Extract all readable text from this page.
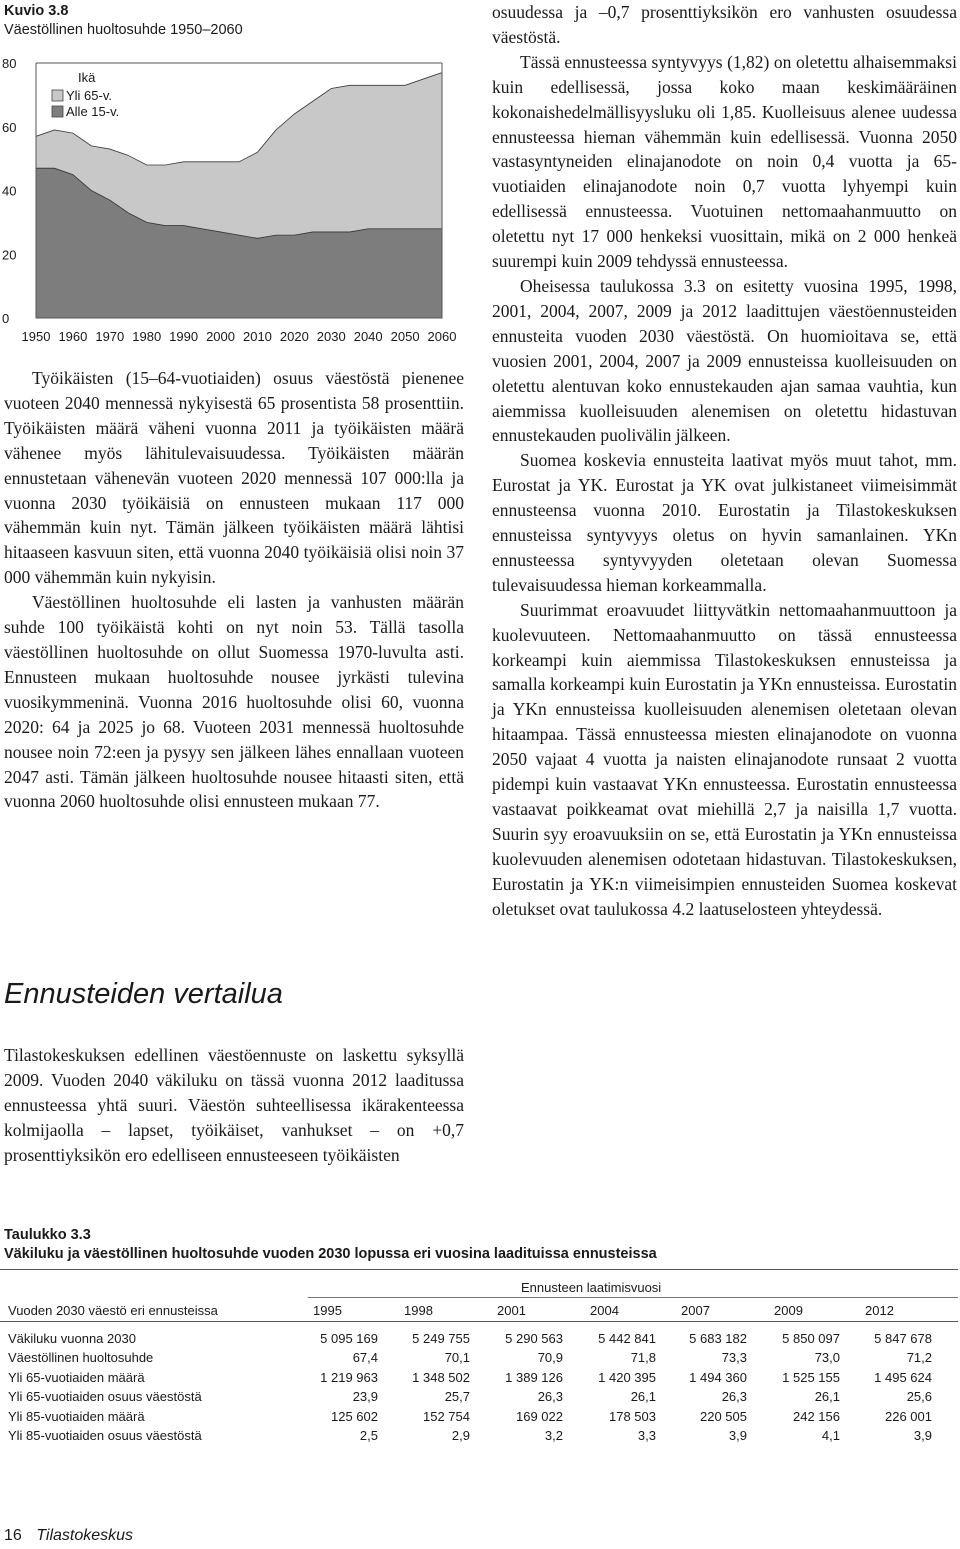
Kuvio 3.8
Väestöllinen huoltosuhde 1950–2060
0
20
40
60
80
1950 1960 1970 1980 1990 2000 2010 2020 2030 2040 2050 2060
Ikä
Yli 65-v.
Alle 15-v.

Työikäisten (15–64-vuotiaiden) osuus väestöstä pienenee vuoteen 2040 mennessä nykyisestä 65 prosentista 58 prosenttiin. Työikäisten määrä väheni vuonna 2011 ja työikäisten määrä vähenee myös lähitulevaisuudessa. Työikäisten määrän ennustetaan vähenevän vuoteen 2020 mennessä 107 000:lla ja vuonna 2030 työikäisiä on ennusteen mukaan 117 000 vähemmän kuin nyt. Tämän jälkeen työikäisten määrä lähtisi hitaaseen kasvuun siten, että vuonna 2040 työikäisiä olisi noin 37 000 vähemmän kuin nykyisin.

Väestöllinen huoltosuhde eli lasten ja vanhusten määrän suhde 100 työikäistä kohti on nyt noin 53. Tällä tasolla väestöllinen huoltosuhde on ollut Suomessa 1970-luvulta asti. Ennusteen mukaan huoltosuhde nousee jyrkästi tulevina vuosikymmeninä. Vuonna 2016 huoltosuhde olisi 60, vuonna 2020: 64 ja 2025 jo 68. Vuoteen 2031 mennessä huoltosuhde nousee noin 72:een ja pysyy sen jälkeen lähes ennallaan vuoteen 2047 asti. Tämän jälkeen huoltosuhde nousee hitaasti siten, että vuonna 2060 huoltosuhde olisi ennusteen mukaan 77.

Ennusteiden vertailua

Tilastokeskuksen edellinen väestöennuste on laskettu syksyllä 2009. Vuoden 2040 väkiluku on tässä vuonna 2012 laaditussa ennusteessa yhtä suuri. Väestön suhteellisessa ikärakenteessa kolmijaolla – lapset, työikäiset, vanhukset – on +0,7 prosenttiyksikön ero edelliseen ennusteeseen työikäisten

osuudessa ja –0,7 prosenttiyksikön ero vanhusten osuudessa väestöstä.

Tässä ennusteessa syntyvyys (1,82) on oletettu alhaisemmaksi kuin edellisessä, jossa koko maan keskimääräinen kokonaishedelmällisyysluku oli 1,85. Kuolleisuus alenee uudessa ennusteessa hieman vähemmän kuin edellisessä. Vuonna 2050 vastasyntyneiden elinajanodote on noin 0,4 vuotta ja 65-vuotiaiden elinajanodote noin 0,7 vuotta lyhyempi kuin edellisessä ennusteessa. Vuotuinen nettomaahanmuutto on oletettu nyt 17 000 henkeksi vuosittain, mikä on 2 000 henkeä suurempi kuin 2009 tehdyssä ennusteessa.

Oheisessa taulukossa 3.3 on esitetty vuosina 1995, 1998, 2001, 2004, 2007, 2009 ja 2012 laadittujen väestöennusteiden ennusteita vuoden 2030 väestöstä. On huomioitava se, että vuosien 2001, 2004, 2007 ja 2009 ennusteissa kuolleisuuden on oletettu alentuvan koko ennustekauden ajan samaa vauhtia, kun aiemmissa kuolleisuuden alenemisen on oletettu hidastuvan ennustekauden puolivälin jälkeen.

Suomea koskevia ennusteita laativat myös muut tahot, mm. Eurostat ja YK. Eurostat ja YK ovat julkistaneet viimeisimmät ennusteensa vuonna 2010. Eurostatin ja Tilastokeskuksen ennusteissa syntyvyys oletus on hyvin samanlainen. YKn ennusteessa syntyvyyden oletetaan olevan Suomessa tulevaisuudessa hieman korkeammalla.

Suurimmat eroavuudet liittyvätkin nettomaahanmuuttoon ja kuolevuuteen. Nettomaahanmuutto on tässä ennusteessa korkeampi kuin aiemmissa Tilastokeskuksen ennusteissa ja samalla korkeampi kuin Eurostatin ja YKn ennusteissa. Eurostatin ja YKn ennusteissa kuolleisuuden alenemisen oletetaan olevan hitaampaa. Tässä ennusteessa miesten elinajanodote on vuonna 2050 vajaat 4 vuotta ja naisten elinajanodote runsaat 2 vuotta pidempi kuin vastaavat YKn ennusteessa. Eurostatin ennusteessa vastaavat poikkeamat ovat miehillä 2,7 ja naisilla 1,7 vuotta. Suurin syy eroavuuksiin on se, että Eurostatin ja YKn ennusteissa kuolevuuden alenemisen odotetaan hidastuvan. Tilastokeskuksen, Eurostatin ja YK:n viimeisimpien ennusteiden Suomea koskevat oletukset ovat taulukossa 4.2 laatuselosteen yhteydessä.

Taulukko 3.3
Väkiluku ja väestöllinen huoltosuhde vuoden 2030 lopussa eri vuosina laadituissa ennusteissa
Ennusteen laatimisvuosi
Vuoden 2030 väestö eri ennusteissa	1995	1998	2001	2004	2007	2009	2012
Väkiluku vuonna 2030	5 095 169	5 249 755	5 290 563	5 442 841	5 683 182	5 850 097	5 847 678
Väestöllinen huoltosuhde	67,4	70,1	70,9	71,8	73,3	73,0	71,2
Yli 65-vuotiaiden määrä	1 219 963	1 348 502	1 389 126	1 420 395	1 494 360	1 525 155	1 495 624
Yli 65-vuotiaiden osuus väestöstä	23,9	25,7	26,3	26,1	26,3	26,1	25,6
Yli 85-vuotiaiden määrä	125 602	152 754	169 022	178 503	220 505	242 156	226 001
Yli 85-vuotiaiden osuus väestöstä	2,5	2,9	3,2	3,3	3,9	4,1	3,9
16 Tilastokeskus
